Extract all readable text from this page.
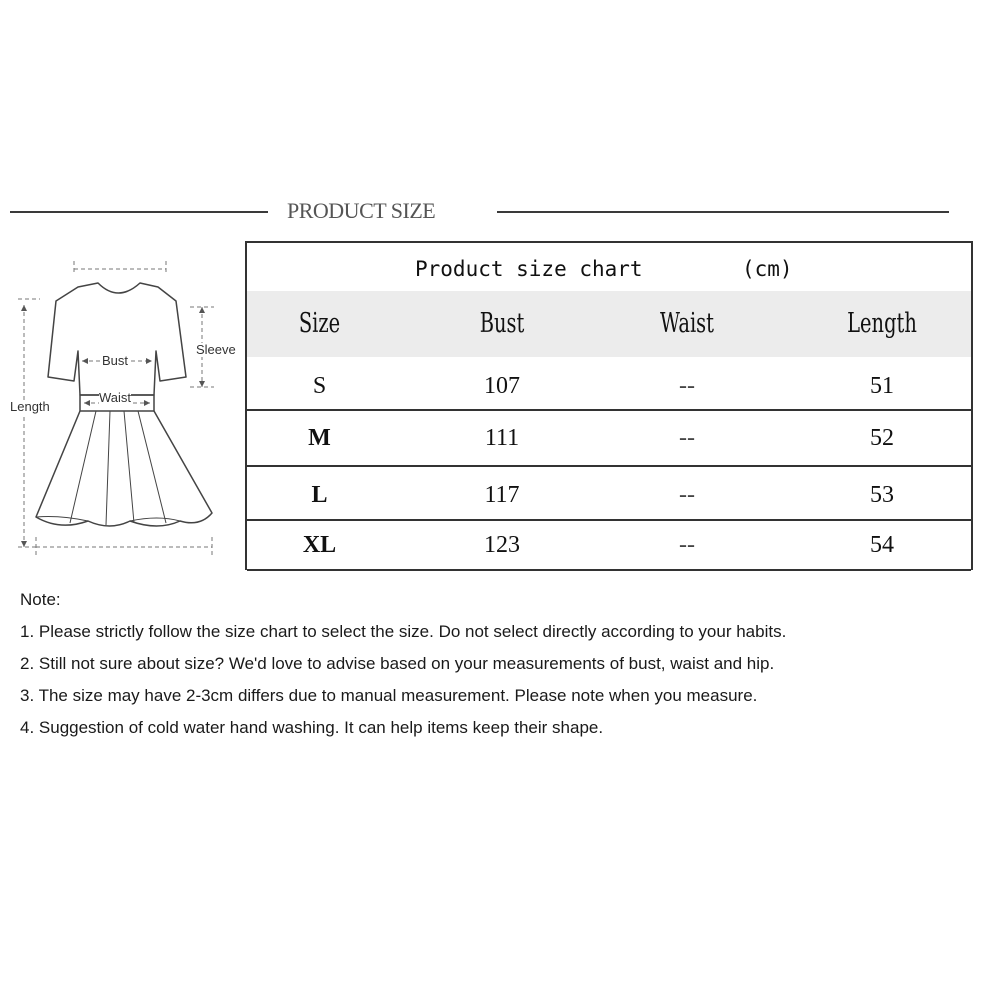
PRODUCT SIZE
Bust
Waist
Sleeve
Length
Product size chart	(cm)
Size	Bust	Waist	Length
S	107	--	51
M	111	--	52
L	117	--	53
XL	123	--	54
Note:
1. Please strictly follow the size chart to select the size. Do not select directly according to your habits.
2. Still not sure about size? We'd love to advise based on your measurements of bust, waist and hip.
3. The size may have 2-3cm differs due to manual measurement. Please note when you measure.
4. Suggestion of cold water hand washing. It can help items keep their shape.
